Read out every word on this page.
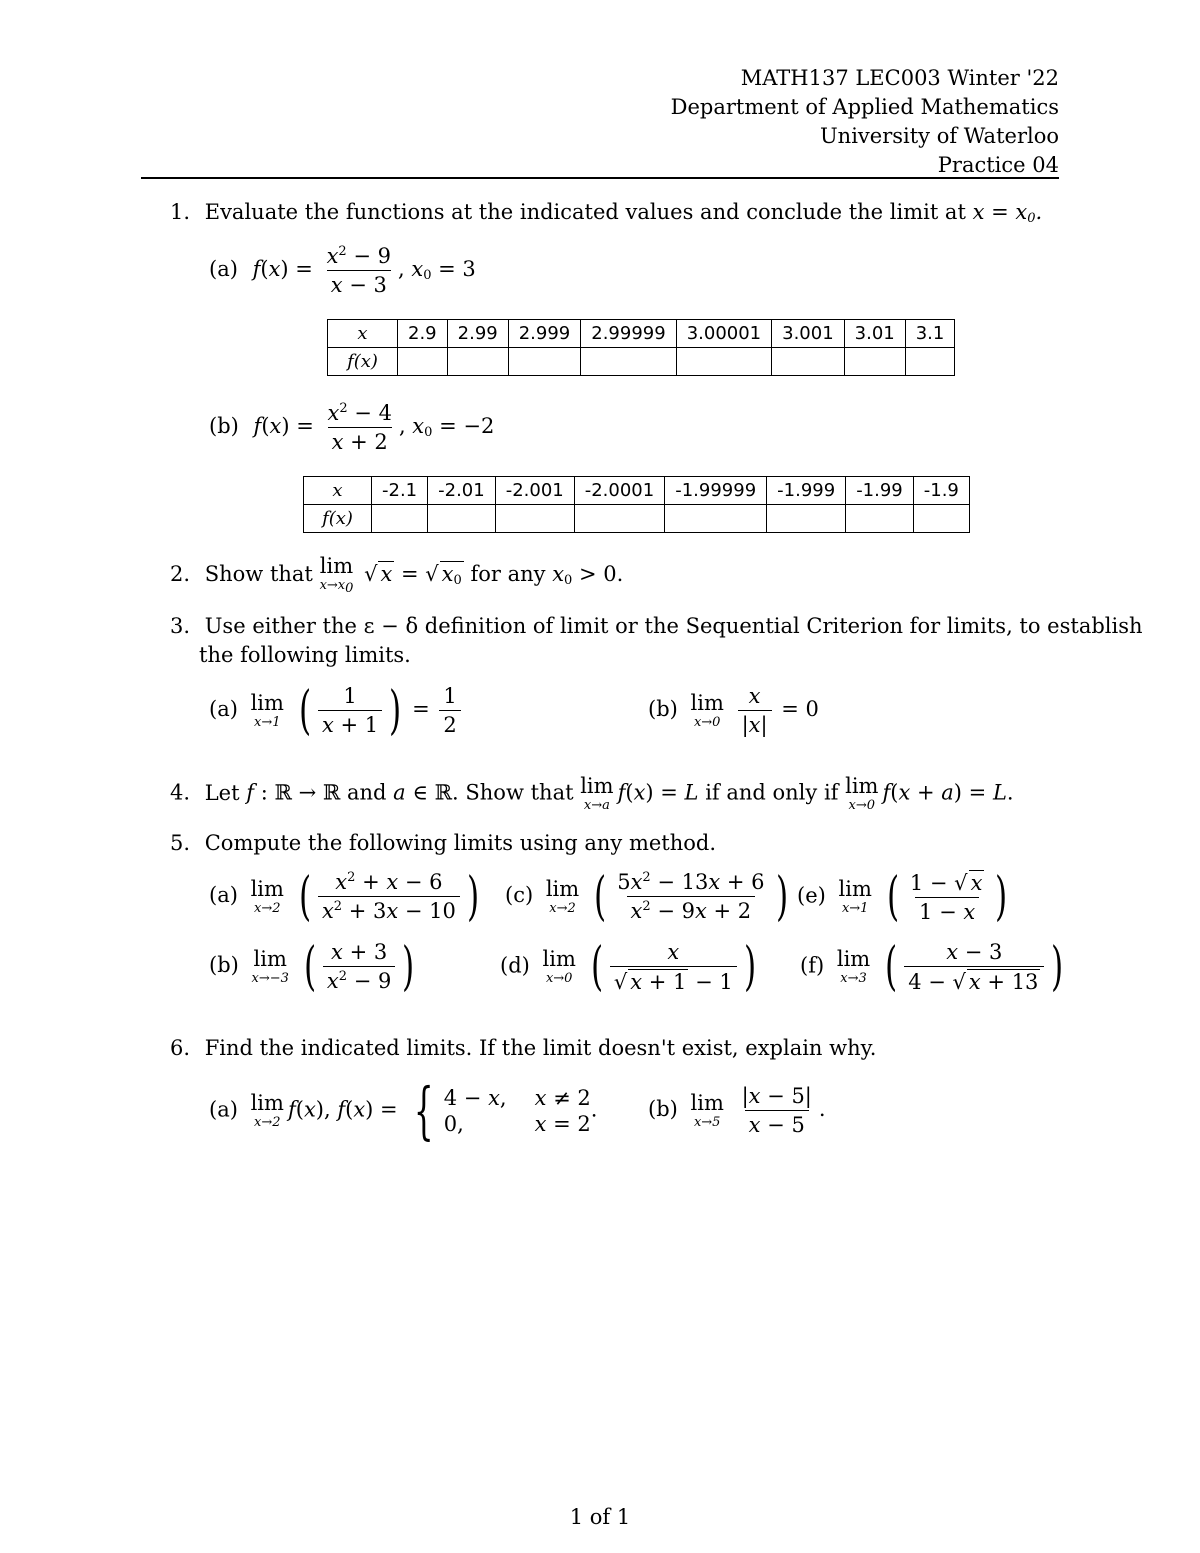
MATH137 LEC003 Winter '22
Department of Applied Mathematics
University of Waterloo
Practice 04
1. Evaluate the functions at the indicated values and conclude the limit at $x = x_0$.
(a) $f(x) = \frac{x^2 - 9}{x - 3}$ , $x_0 = 3$
x	2.9	2.99	2.999	2.99999	3.00001	3.001	3.01	3.1
f(x)								
(b) $f(x) = \frac{x^2 - 4}{x + 2}$ , $x_0 = -2$
x	-2.1	-2.01	-2.001	-2.0001	-1.99999	-1.999	-1.99	-1.9
f(x)								
2. Show that lim
$x\to x_0$
√ x = √ $x_0$ for any $x_0 > 0$.
3. Use either the ε − δ definition of limit or the Sequential Criterion for limits, to establish
the following limits.
(a) lim
x→1 ( $\frac{1}{x + 1}$ ) = $\frac{1}{2}$	(b) lim
x→0
$\frac{x}{|x|} = 0$
4. Let f : ℝ → ℝ and a ∈ ℝ. Show that lim
x→a
f(x) = L if and only if lim
x→0
f(x + a) = L.
5. Compute the following limits using any method.
(a) lim
x→2 ( $\frac{x^2 + x - 6}{x^2 + 3x - 10}$ ) (c) lim
x→2 ( $\frac{5x^2 - 13x + 6}{x^2 - 9x + 2}$ ) (e) lim
x→1 ( $\frac{1 - √ x}{1 - x}$ )
(b) lim
x→−3 ( $\frac{x + 3}{x^2 - 9}$ )	(d) lim
x→0 ( $\frac{x}{√ x + 1 - 1}$ ) (f) lim
x→3 ( $\frac{x - 3}{4 - √ x + 13}$ )
6. Find the indicated limits. If the limit doesn't exist, explain why.
(a) lim
x→2
f(x), f(x) = { 4 − x, x ≠ 2
0,	x = 2
. (b) lim
x→5
$\frac{|x - 5|}{x - 5}$ .
1 of 1
